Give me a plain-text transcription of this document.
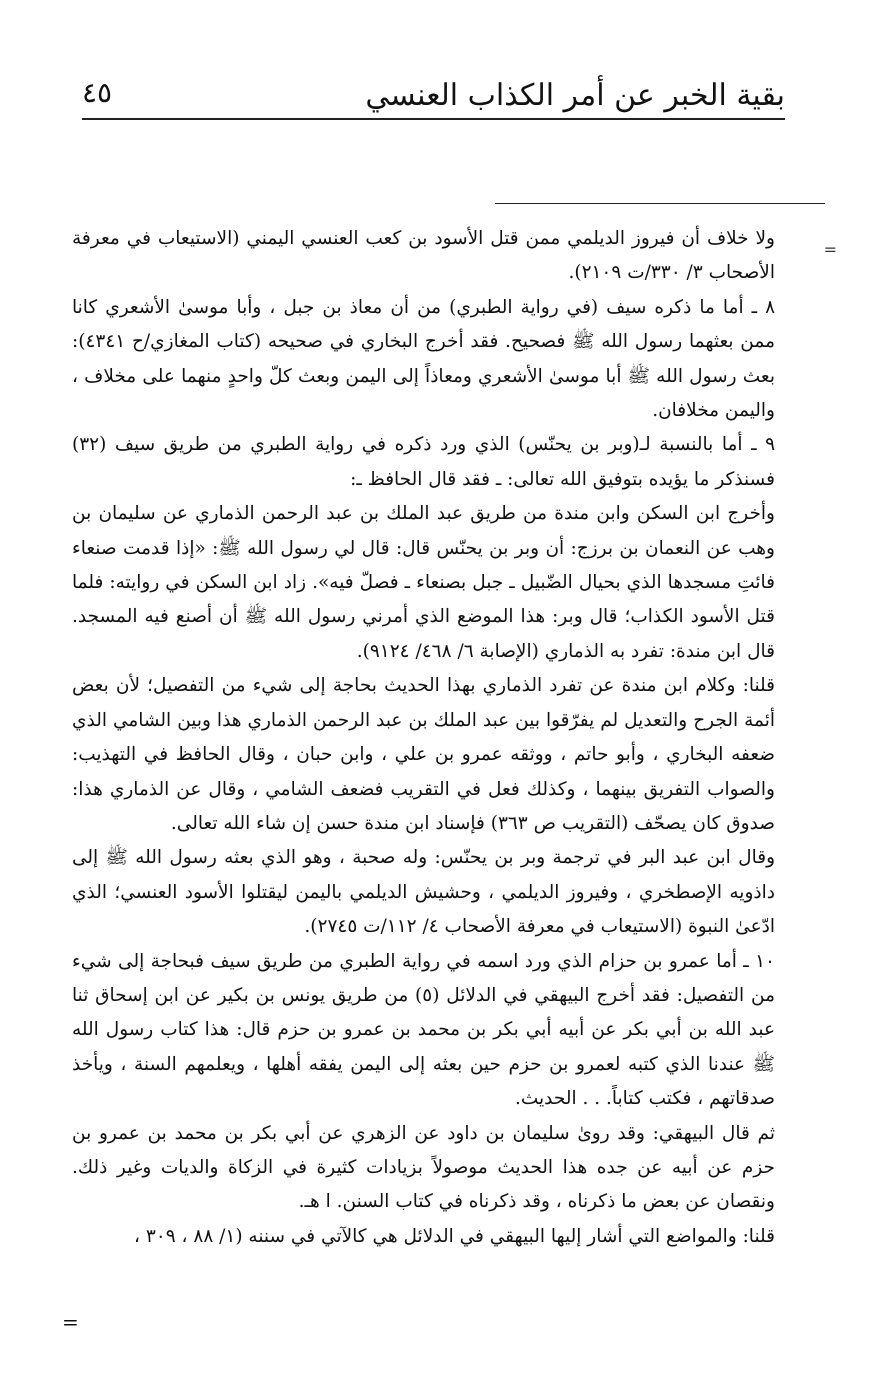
بقية الخبر عن أمر الكذاب العنسي
٤٥
=

ولا خلاف أن فيروز الديلمي ممن قتل الأسود بن كعب العنسي اليمني (الاستيعاب في معرفة الأصحاب ٣/ ٣٣٠/ت ٢١٠٩).

٨ ـ أما ما ذكره سيف (في رواية الطبري) من أن معاذ بن جبل ، وأبا موسىٰ الأشعري كانا ممن بعثهما رسول الله ﷺ فصحيح. فقد أخرج البخاري في صحيحه (كتاب المغازي/ح ٤٣٤١): بعث رسول الله ﷺ أبا موسىٰ الأشعري ومعاذاً إلى اليمن وبعث كلّ واحدٍ منهما على مخلاف ، واليمن مخلافان.

٩ ـ أما بالنسبة لـ(وبر بن يحنّس) الذي ورد ذكره في رواية الطبري من طريق سيف (٣٢) فسنذكر ما يؤيده بتوفيق الله تعالى: ـ فقد قال الحافظ ـ:

وأخرج ابن السكن وابن مندة من طريق عبد الملك بن عبد الرحمن الذماري عن سليمان بن وهب عن النعمان بن برزج: أن وبر بن يحنّس قال: قال لي رسول الله ﷺ: «إذا قدمت صنعاء فائتِ مسجدها الذي بحيال الضّبيل ـ جبل بصنعاء ـ فصلّ فيه». زاد ابن السكن في روايته: فلما قتل الأسود الكذاب؛ قال وبر: هذا الموضع الذي أمرني رسول الله ﷺ أن أصنع فيه المسجد. قال ابن مندة: تفرد به الذماري (الإصابة ٦/ ٤٦٨/ ٩١٢٤).

قلنا: وكلام ابن مندة عن تفرد الذماري بهذا الحديث بحاجة إلى شيء من التفصيل؛ لأن بعض أئمة الجرح والتعديل لم يفرّقوا بين عبد الملك بن عبد الرحمن الذماري هذا وبين الشامي الذي ضعفه البخاري ، وأبو حاتم ، ووثقه عمرو بن علي ، وابن حبان ، وقال الحافظ في التهذيب: والصواب التفريق بينهما ، وكذلك فعل في التقريب فضعف الشامي ، وقال عن الذماري هذا: صدوق كان يصحّف (التقريب ص ٣٦٣) فإسناد ابن مندة حسن إن شاء الله تعالى.

وقال ابن عبد البر في ترجمة وبر بن يحنّس: وله صحبة ، وهو الذي بعثه رسول الله ﷺ إلى داذويه الإصطخري ، وفيروز الديلمي ، وحشيش الديلمي باليمن ليقتلوا الأسود العنسي؛ الذي ادّعىٰ النبوة (الاستيعاب في معرفة الأصحاب ٤/ ١١٢/ت ٢٧٤٥).

١٠ ـ أما عمرو بن حزام الذي ورد اسمه في رواية الطبري من طريق سيف فبحاجة إلى شيء من التفصيل: فقد أخرج البيهقي في الدلائل (٥) من طريق يونس بن بكير عن ابن إسحاق ثنا عبد الله بن أبي بكر عن أبيه أبي بكر بن محمد بن عمرو بن حزم قال: هذا كتاب رسول الله ﷺ عندنا الذي كتبه لعمرو بن حزم حين بعثه إلى اليمن يفقه أهلها ، ويعلمهم السنة ، ويأخذ صدقاتهم ، فكتب كتاباً. . . الحديث.

ثم قال البيهقي: وقد روىٰ سليمان بن داود عن الزهري عن أبي بكر بن محمد بن عمرو بن حزم عن أبيه عن جده هذا الحديث موصولاً بزيادات كثيرة في الزكاة والديات وغير ذلك. ونقصان عن بعض ما ذكرناه ، وقد ذكرناه في كتاب السنن. ا هـ.

قلنا: والمواضع التي أشار إليها البيهقي في الدلائل هي كالآتي في سننه (١/ ٨٨ ، ٣٠٩ ،

=
